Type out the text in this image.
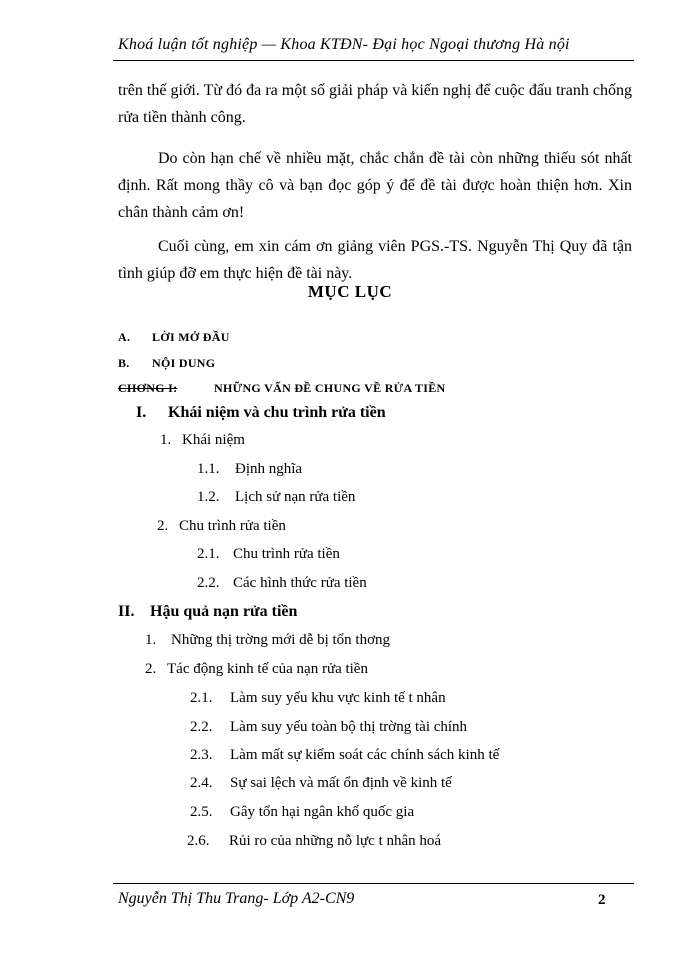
Khoá luận tốt nghiệp — Khoa KTĐN- Đại học Ngoại thương Hà nội
trên thế giới. Từ đó đa ra một số giải pháp và kiến nghị để cuộc đấu tranh chống rửa tiền thành công.
Do còn hạn chế về nhiều mặt, chắc chắn đề tài còn những thiếu sót nhất định. Rất mong thầy cô và bạn đọc góp ý để đề tài được hoàn thiện hơn. Xin chân thành cảm ơn!
Cuối cùng, em xin cám ơn giảng viên PGS.-TS. Nguyễn Thị Quy đã tận tình giúp đỡ em thực hiện đề tài này.
MỤC LỤC
A. LỜI MỞ ĐẦU
B. NỘI DUNG
CHƠNG I:	NHỮNG VẤN ĐỀ CHUNG VỀ RỬA TIỀN
I. Khái niệm và chu trình rửa tiền
1. Khái niệm
1.1. Định nghĩa
1.2. Lịch sử nạn rửa tiền
2. Chu trình rửa tiền
2.1. Chu trình rửa tiền
2.2. Các hình thức rửa tiền
II. Hậu quả nạn rửa tiền
1. Những thị trờng mới dễ bị tổn thơng
2. Tác động kinh tế của nạn rửa tiền
2.1. Làm suy yếu khu vực kinh tế t nhân
2.2. Làm suy yếu toàn bộ thị trờng tài chính
2.3. Làm mất sự kiểm soát các chính sách kinh tế
2.4. Sự sai lệch và mất ổn định về kinh tế
2.5. Gây tổn hại ngân khố quốc gia
2.6. Rủi ro của những nỗ lực t nhân hoá
Nguyễn Thị Thu Trang- Lớp A2-CN9	2
